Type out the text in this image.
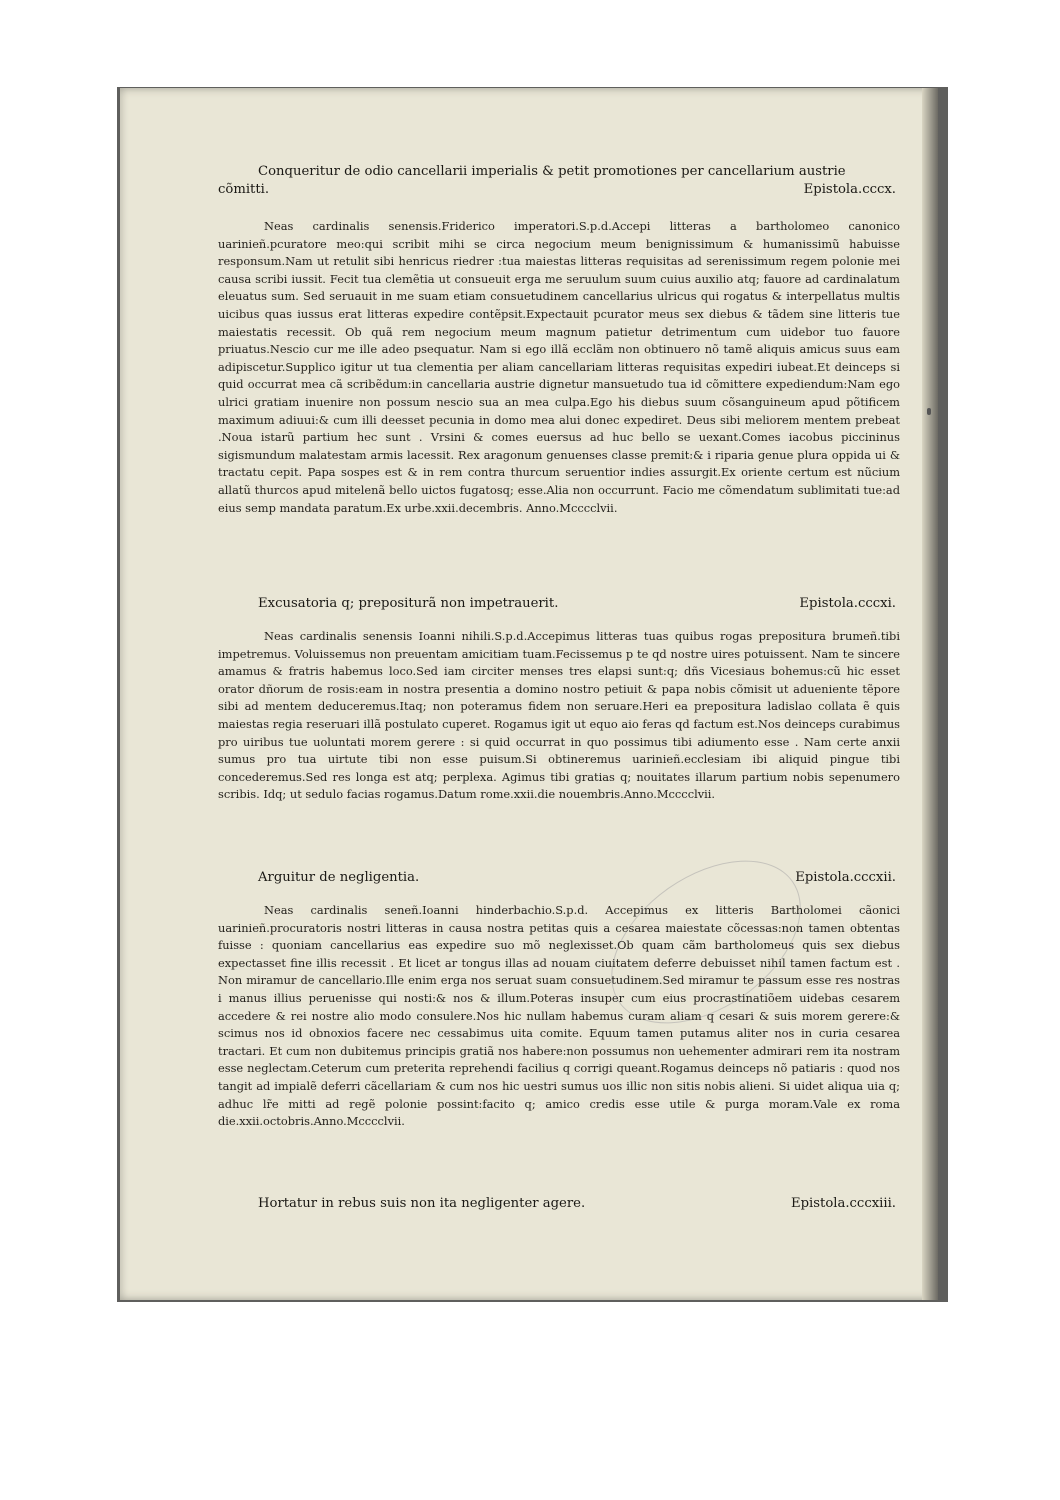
Conqueritur de odio cancellarii imperialis & petit promotiones per cancellarium austrie
cõmitti.	Epistola.cccx.
Neas cardinalis senensis.Friderico imperatori.S.p.d.Accepi litteras a bartholomeo canonico uarinieñ.pcuratore meo:qui scribit mihi se circa negocium meum benignissimum & humanissimũ habuisse responsum.Nam ut retulit sibi henricus riedrer :tua maiestas litteras requisitas ad serenissimum regem polonie mei causa scribi iussit. Fecit tua clemẽtia ut consueuit erga me seruulum suum cuius auxilio atq; fauore ad cardinalatum eleuatus sum. Sed seruauit in me suam etiam consuetudinem cancellarius ulricus qui rogatus & interpellatus multis uicibus quas iussus erat litteras expedire contẽpsit.Expectauit pcurator meus sex diebus & tãdem sine litteris tue maiestatis recessit. Ob quã rem negocium meum magnum patietur detrimentum cum uidebor tuo fauore priuatus.Nescio cur me ille adeo psequatur. Nam si ego illã ecclãm non obtinuero nõ tamẽ aliquis amicus suus eam adipiscetur.Supplico igitur ut tua clementia per aliam cancellariam litteras requisitas expediri iubeat.Et deinceps si quid occurrat mea cã scribẽdum:in cancellaria austrie dignetur mansuetudo tua id cõmittere expediendum:Nam ego ulrici gratiam inuenire non possum nescio sua an mea culpa.Ego his diebus suum cõsanguineum apud põtificem maximum adiuui:& cum illi deesset pecunia in domo mea alui donec expediret. Deus sibi meliorem mentem prebeat .Noua istarũ partium hec sunt . Vrsini & comes euersus ad huc bello se uexant.Comes iacobus piccininus sigismundum malatestam armis lacessit. Rex aragonum genuenses classe premit:& i riparia genue plura oppida ui & tractatu cepit. Papa sospes est & in rem contra thurcum seruentior indies assurgit.Ex oriente certum est nũcium allatũ thurcos apud mitelenã bello uictos fugatosq; esse.Alia non occurrunt. Facio me cõmendatum sublimitati tue:ad eius semp mandata paratum.Ex urbe.xxii.decembris. Anno.Mcccclvii.
Excusatoria q; prepositurã non impetrauerit.	Epistola.cccxi.
Neas cardinalis senensis Ioanni nihili.S.p.d.Accepimus litteras tuas quibus rogas prepositura brumeñ.tibi impetremus. Voluissemus non preuentam amicitiam tuam.Fecissemus p te qd nostre uires potuissent. Nam te sincere amamus & fratris habemus loco.Sed iam circiter menses tres elapsi sunt:q; dñs Vicesiaus bohemus:cũ hic esset orator dñorum de rosis:eam in nostra presentia a domino nostro petiuit & papa nobis cõmisit ut adueniente tẽpore sibi ad mentem deduceremus.Itaq; non poteramus fidem non seruare.Heri ea prepositura ladislao collata ẽ quis maiestas regia reseruari illã postulato cuperet. Rogamus igit ut equo aio feras qd factum est.Nos deinceps curabimus pro uiribus tue uoluntati morem gerere : si quid occurrat in quo possimus tibi adiumento esse . Nam certe anxii sumus pro tua uirtute tibi non esse puisum.Si obtineremus uarinieñ.ecclesiam ibi aliquid pingue tibi concederemus.Sed res longa est atq; perplexa. Agimus tibi gratias q; nouitates illarum partium nobis sepenumero scribis. Idq; ut sedulo facias rogamus.Datum rome.xxii.die nouembris.Anno.Mcccclvii.
Arguitur de negligentia.	Epistola.cccxii.
Neas cardinalis seneñ.Ioanni hinderbachio.S.p.d. Accepimus ex litteris Bartholomei cãonici uarinieñ.procuratoris nostri litteras in causa nostra petitas quis a cesarea maiestate cõcessas:non tamen obtentas fuisse : quoniam cancellarius eas expedire suo mõ neglexisset.Ob quam cãm bartholomeus quis sex diebus expectasset fine illis recessit . Et licet ar tongus illas ad nouam ciuitatem deferre debuisset nihil tamen factum est . Non miramur de cancellario.Ille enim erga nos seruat suam consuetudinem.Sed miramur te passum esse res nostras i manus illius peruenisse qui nosti:& nos & illum.Poteras insuper cum eius procrastinatiõem uidebas cesarem accedere & rei nostre alio modo consulere.Nos hic nullam habemus curam aliam q cesari & suis morem gerere:& scimus nos id obnoxios facere nec cessabimus uita comite. Equum tamen putamus aliter nos in curia cesarea tractari. Et cum non dubitemus principis gratiã nos habere:non possumus non uehementer admirari rem ita nostram esse neglectam.Ceterum cum preterita reprehendi facilius q corrigi queant.Rogamus deinceps nõ patiaris : quod nos tangit ad impialẽ deferri cãcellariam & cum nos hic uestri sumus uos illic non sitis nobis alieni. Si uidet aliqua uia q; adhuc lr̃e mitti ad regẽ polonie possint:facito q; amico credis esse utile & purga moram.Vale ex roma die.xxii.octobris.Anno.Mcccclvii.
Hortatur in rebus suis non ita negligenter agere.	Epistola.cccxiii.
